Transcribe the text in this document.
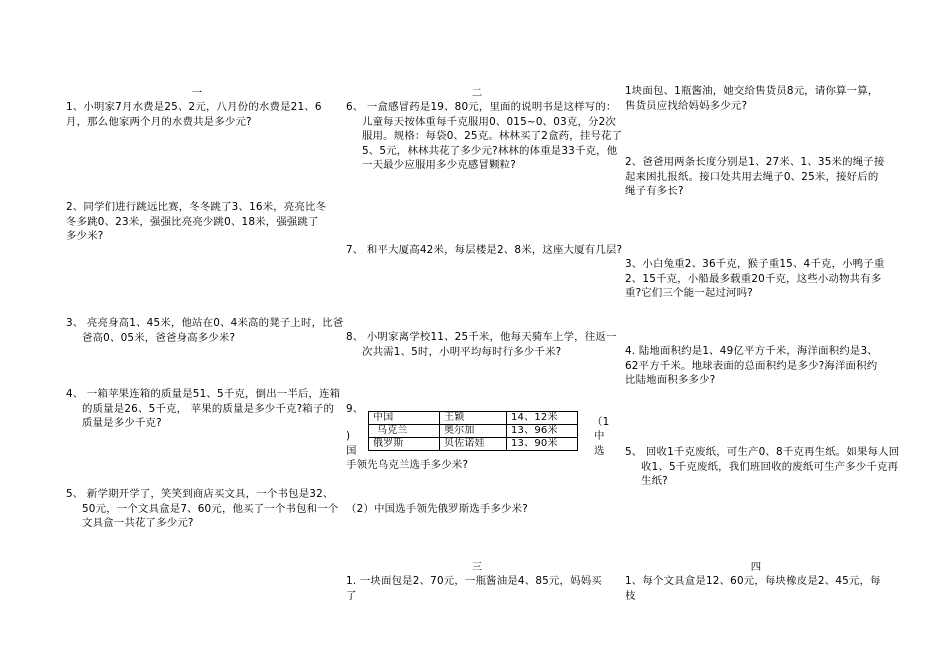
一
1、小明家7月水费是25、2元，八月份的水费是21、6月，那么他家两个月的水费共是多少元?
2、同学们进行跳远比赛，冬冬跳了3、16米，亮亮比冬冬多跳0、23米，强强比亮亮少跳0、18米，强强跳了多少米?
3、 亮亮身高1、45米，他站在0、4米高的凳子上时，比爸爸高0、05米，爸爸身高多少米?
4、 一箱苹果连箱的质量是51、5千克，倒出一半后，连箱的质量是26、5千克， 苹果的质量是多少千克?箱子的质量是多少千克?
5、 新学期开学了，笑笑到商店买文具，一个书包是32、50元，一个文具盒是7、60元，他买了一个书包和一个文具盒一共花了多少元?
二
6、 一盒感冒药是19、80元，里面的说明书是这样写的：儿童每天按体重每千克服用0、015~0、03克，分2次服用。规格：每袋0、25克。林林买了2盒药，挂号花了5、5元，林林共花了多少元?林林的体重是33千克，他一天最少应服用多少克感冒颗粒?
7、 和平大厦高42米，每层楼是2、8米，这座大厦有几层?
8、 小明家离学校11、25千米，他每天骑车上学，往返一次共需1、5时，小明平均每时行多少千米?
9、
)
国
中国	王颖	14、12米
乌克兰	奥尔加	13、96米
俄罗斯	贝佐诺娃	13、90米
（1
中
选
手领先乌克兰选手多少米?
（2）中国选手领先俄罗斯选手多少米?
1块面包、1瓶酱油，她交给售货员8元，请你算一算，售货员应找给妈妈多少元?
2、爸爸用两条长度分别是1、27米、1、35米的绳子接起来困扎报纸。接口处共用去绳子0、25米，接好后的绳子有多长?
3、小白兔重2、36千克，猴子重15、4千克，小鸭子重2、15千克，小船最多载重20千克，这些小动物共有多重?它们三个能一起过河吗?
4. 陆地面积约是1、49亿平方千米，海洋面积约是3、62平方千米。地球表面的总面积约是多少?海洋面积约比陆地面积多多少?
5、 回收1千克废纸，可生产0、8千克再生纸。如果每人回收1、5千克废纸，我们班回收的废纸可生产多少千克再生纸?
三
1. 一块面包是2、70元，一瓶酱油是4、85元，妈妈买了
四
1、每个文具盒是12、60元，每块橡皮是2、45元，每枝
